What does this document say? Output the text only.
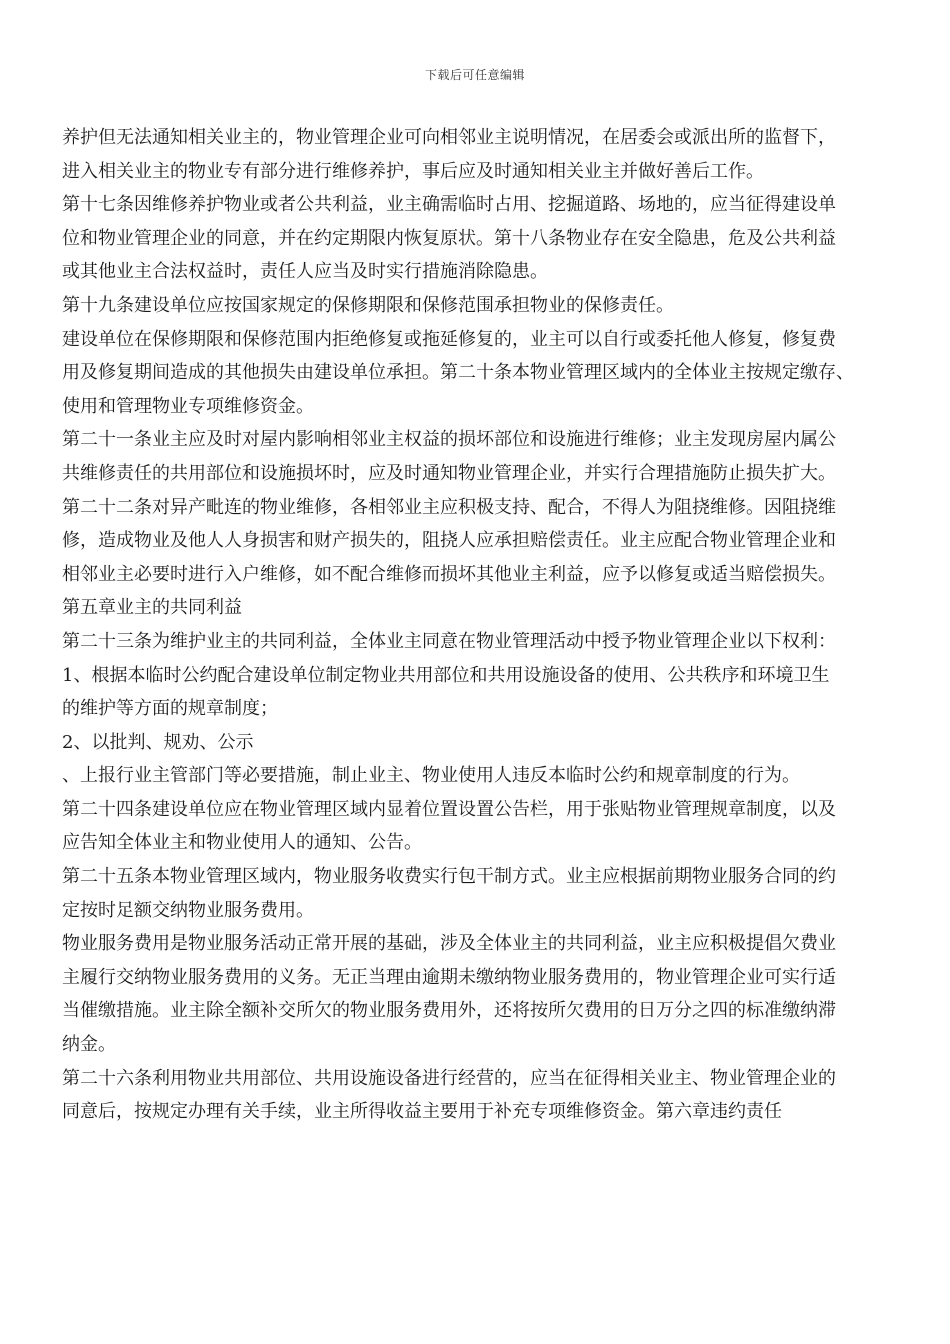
下载后可任意编辑
养护但无法通知相关业主的，物业管理企业可向相邻业主说明情况，在居委会或派出所的监督下，
进入相关业主的物业专有部分进行维修养护，事后应及时通知相关业主并做好善后工作。
第十七条因维修养护物业或者公共利益，业主确需临时占用、挖掘道路、场地的，应当征得建设单
位和物业管理企业的同意，并在约定期限内恢复原状。第十八条物业存在安全隐患，危及公共利益
或其他业主合法权益时，责任人应当及时实行措施消除隐患。
第十九条建设单位应按国家规定的保修期限和保修范围承担物业的保修责任。
建设单位在保修期限和保修范围内拒绝修复或拖延修复的，业主可以自行或委托他人修复，修复费
用及修复期间造成的其他损失由建设单位承担。第二十条本物业管理区域内的全体业主按规定缴存、
使用和管理物业专项维修资金。
第二十一条业主应及时对屋内影响相邻业主权益的损坏部位和设施进行维修；业主发现房屋内属公
共维修责任的共用部位和设施损坏时，应及时通知物业管理企业，并实行合理措施防止损失扩大。
第二十二条对异产毗连的物业维修，各相邻业主应积极支持、配合，不得人为阻挠维修。因阻挠维
修，造成物业及他人人身损害和财产损失的，阻挠人应承担赔偿责任。业主应配合物业管理企业和
相邻业主必要时进行入户维修，如不配合维修而损坏其他业主利益，应予以修复或适当赔偿损失。
第五章业主的共同利益
第二十三条为维护业主的共同利益，全体业主同意在物业管理活动中授予物业管理企业以下权利：
1、根据本临时公约配合建设单位制定物业共用部位和共用设施设备的使用、公共秩序和环境卫生
的维护等方面的规章制度；
2、以批判、规劝、公示
、上报行业主管部门等必要措施，制止业主、物业使用人违反本临时公约和规章制度的行为。
第二十四条建设单位应在物业管理区域内显着位置设置公告栏，用于张贴物业管理规章制度，以及
应告知全体业主和物业使用人的通知、公告。
第二十五条本物业管理区域内，物业服务收费实行包干制方式。业主应根据前期物业服务合同的约
定按时足额交纳物业服务费用。
物业服务费用是物业服务活动正常开展的基础，涉及全体业主的共同利益，业主应积极提倡欠费业
主履行交纳物业服务费用的义务。无正当理由逾期未缴纳物业服务费用的，物业管理企业可实行适
当催缴措施。业主除全额补交所欠的物业服务费用外，还将按所欠费用的日万分之四的标准缴纳滞
纳金。
第二十六条利用物业共用部位、共用设施设备进行经营的，应当在征得相关业主、物业管理企业的
同意后，按规定办理有关手续，业主所得收益主要用于补充专项维修资金。第六章违约责任
